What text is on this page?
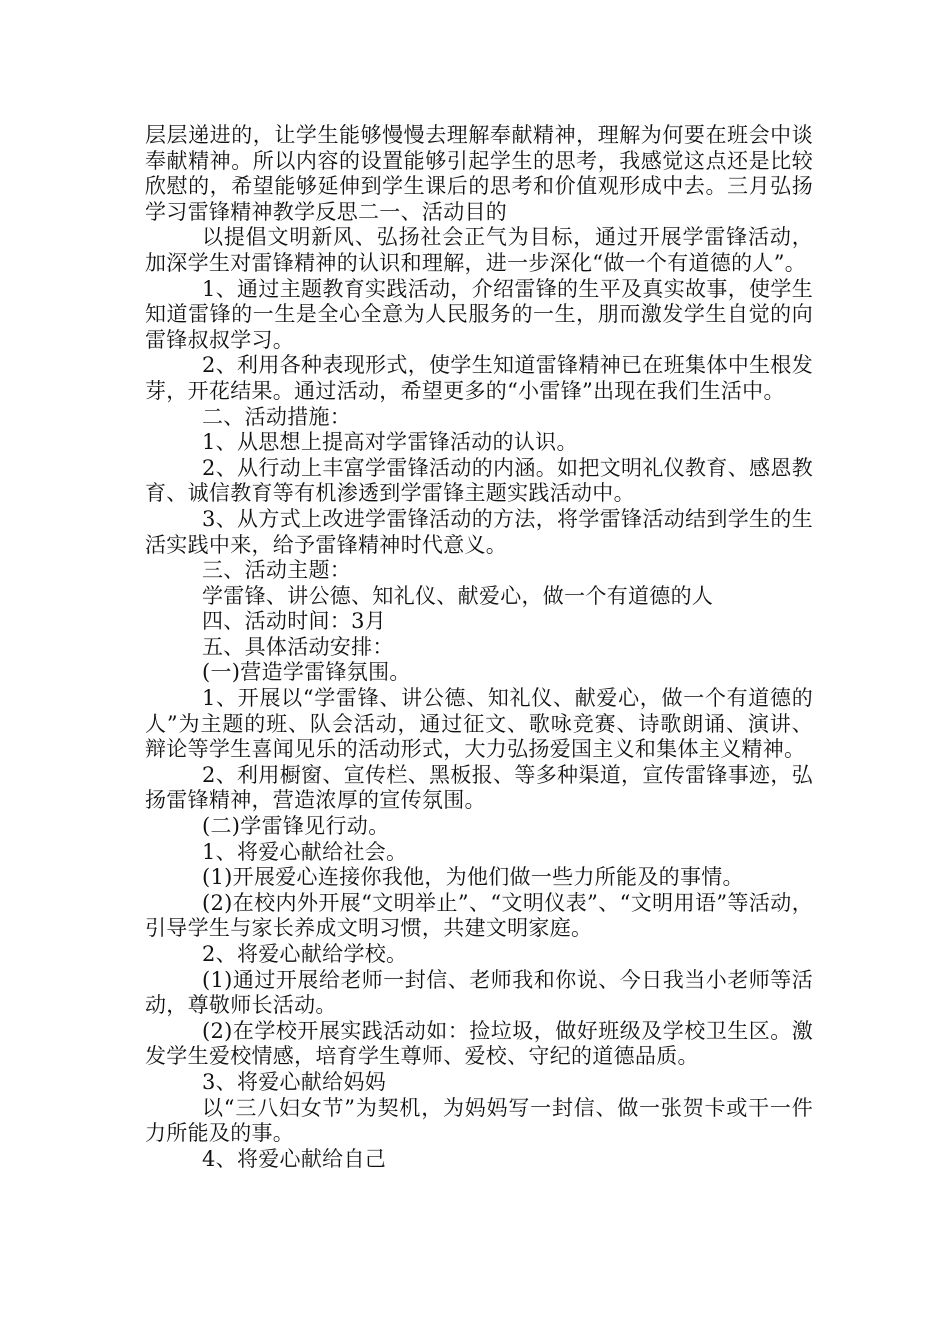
层层递进的，让学生能够慢慢去理解奉献精神，理解为何要在班会中谈奉献精神。所以内容的设置能够引起学生的思考，我感觉这点还是比较欣慰的，希望能够延伸到学生课后的思考和价值观形成中去。三月弘扬学习雷锋精神教学反思二一、活动目的

以提倡文明新风、弘扬社会正气为目标，通过开展学雷锋活动，加深学生对雷锋精神的认识和理解，进一步深化“做一个有道德的人”。

1、通过主题教育实践活动，介绍雷锋的生平及真实故事，使学生知道雷锋的一生是全心全意为人民服务的一生，朋而激发学生自觉的向雷锋叔叔学习。

2、利用各种表现形式，使学生知道雷锋精神已在班集体中生根发芽，开花结果。通过活动，希望更多的“小雷锋”出现在我们生活中。

二、活动措施：

1、从思想上提高对学雷锋活动的认识。

2、从行动上丰富学雷锋活动的内涵。如把文明礼仪教育、感恩教育、诚信教育等有机渗透到学雷锋主题实践活动中。

3、从方式上改进学雷锋活动的方法，将学雷锋活动结到学生的生活实践中来，给予雷锋精神时代意义。

三、活动主题：

学雷锋、讲公德、知礼仪、献爱心，做一个有道德的人

四、活动时间：3月

五、具体活动安排：

(一)营造学雷锋氛围。

1、开展以“学雷锋、讲公德、知礼仪、献爱心，做一个有道德的人”为主题的班、队会活动，通过征文、歌咏竞赛、诗歌朗诵、演讲、辩论等学生喜闻见乐的活动形式，大力弘扬爱国主义和集体主义精神。

2、利用橱窗、宣传栏、黑板报、等多种渠道，宣传雷锋事迹，弘扬雷锋精神，营造浓厚的宣传氛围。

(二)学雷锋见行动。

1、将爱心献给社会。

(1)开展爱心连接你我他，为他们做一些力所能及的事情。

(2)在校内外开展“文明举止”、“文明仪表”、“文明用语”等活动，引导学生与家长养成文明习惯，共建文明家庭。

2、将爱心献给学校。

(1)通过开展给老师一封信、老师我和你说、今日我当小老师等活动，尊敬师长活动。

(2)在学校开展实践活动如：捡垃圾，做好班级及学校卫生区。激发学生爱校情感，培育学生尊师、爱校、守纪的道德品质。

3、将爱心献给妈妈

以“三八妇女节”为契机，为妈妈写一封信、做一张贺卡或干一件力所能及的事。

4、将爱心献给自己
